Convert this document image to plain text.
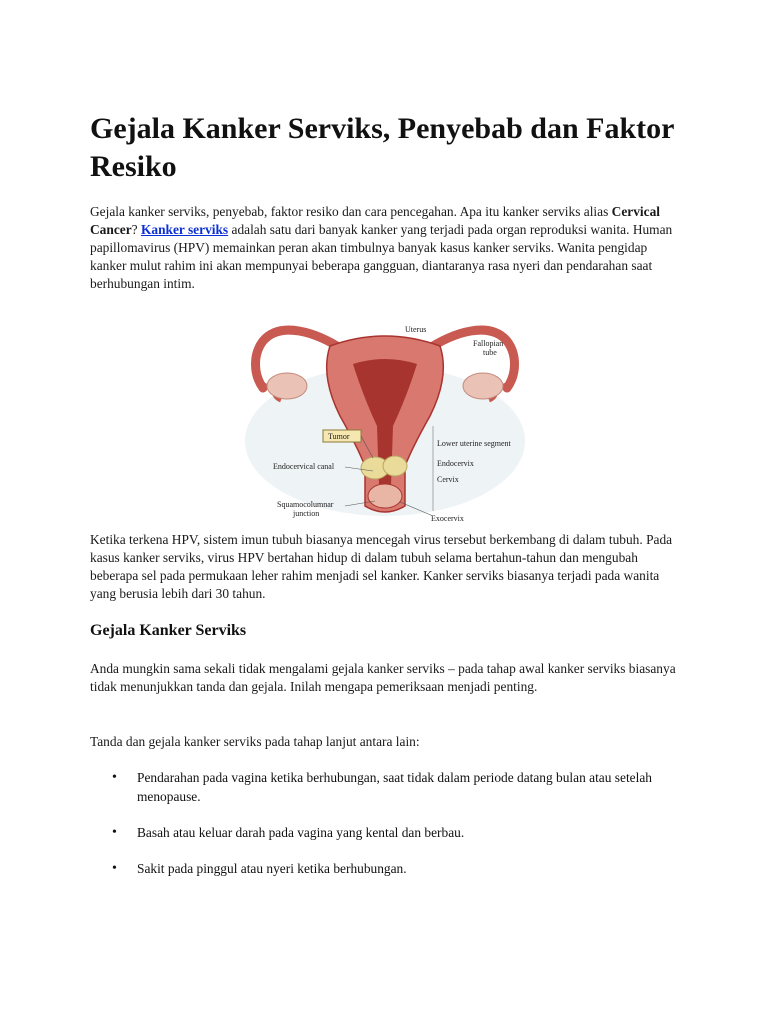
Gejala Kanker Serviks, Penyebab dan Faktor Resiko

Gejala kanker serviks, penyebab, faktor resiko dan cara pencegahan. Apa itu kanker serviks alias Cervical Cancer? Kanker serviks adalah satu dari banyak kanker yang terjadi pada organ reproduksi wanita. Human papillomavirus (HPV) memainkan peran akan timbulnya banyak kasus kanker serviks. Wanita pengidap kanker mulut rahim ini akan mempunyai beberapa gangguan, diantaranya rasa nyeri dan pendarahan saat berhubungan intim.

Tumor
Uterus
Fallopian
tube
Lower uterine segment
Endocervix
Cervix
Exocervix
Endocervical canal
Squamocolumnar
junction

Ketika terkena HPV, sistem imun tubuh biasanya mencegah virus tersebut berkembang di dalam tubuh. Pada kasus kanker serviks, virus HPV bertahan hidup di dalam tubuh selama bertahun-tahun dan mengubah beberapa sel pada permukaan leher rahim menjadi sel kanker. Kanker serviks biasanya terjadi pada wanita yang berusia lebih dari 30 tahun.

Gejala Kanker Serviks

Anda mungkin sama sekali tidak mengalami gejala kanker serviks – pada tahap awal kanker serviks biasanya tidak menunjukkan tanda dan gejala. Inilah mengapa pemeriksaan menjadi penting.

Tanda dan gejala kanker serviks pada tahap lanjut antara lain:

• Pendarahan pada vagina ketika berhubungan, saat tidak dalam periode datang bulan atau setelah menopause.
• Basah atau keluar darah pada vagina yang kental dan berbau.
• Sakit pada pinggul atau nyeri ketika berhubungan.
